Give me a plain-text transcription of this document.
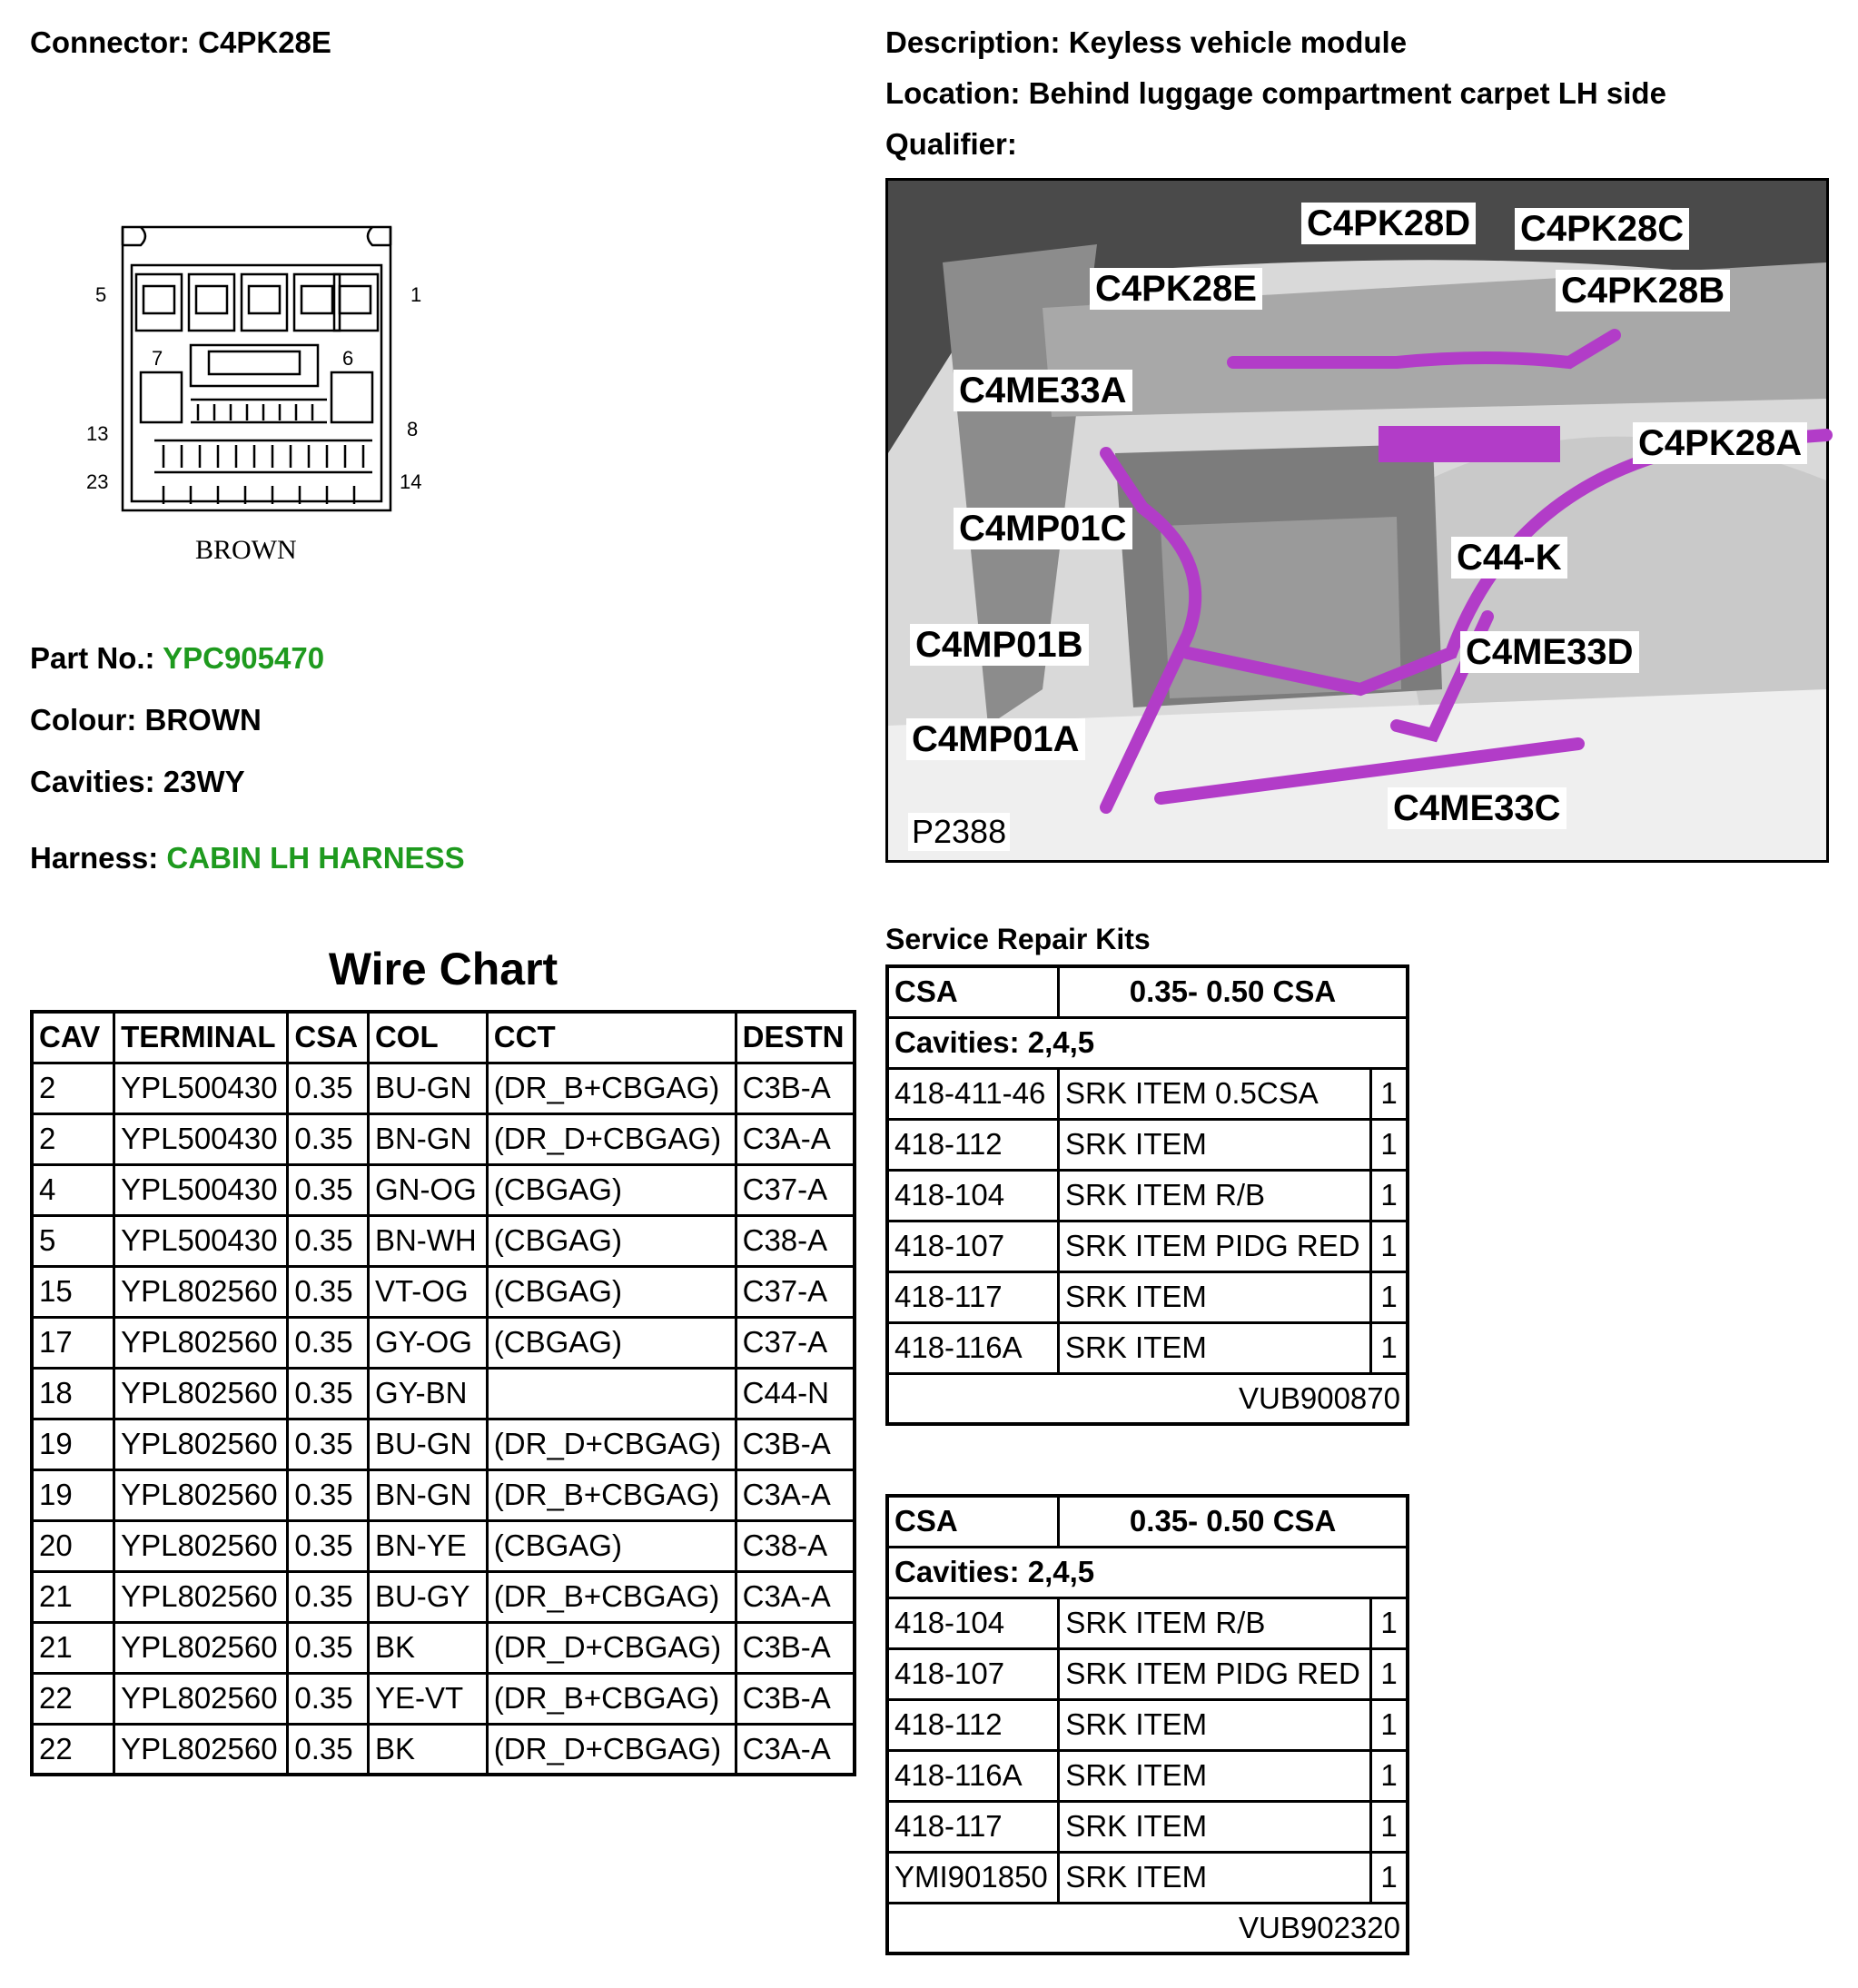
Connector: C4PK28E	Description: Keyless vehicle module
Location: Behind luggage compartment carpet LH side
Qualifier:
5	1
7	6
13	8
23	14
BROWN
Part No.: YPC905470
Colour: BROWN
Cavities: 23WY
Harness: CABIN LH HARNESS
C4PK28D C4PK28C
C4PK28E	C4PK28B
C4ME33A
C4PK28A
C4MP01C
C44-K
C4MP01B	C4ME33D
C4MP01A
C4ME33C
P2388
Wire Chart
CAV	TERMINAL	CSA	COL	CCT	DESTN
2	YPL500430	0.35	BU-GN	(DR_B+CBGAG)	C3B-A
2	YPL500430	0.35	BN-GN	(DR_D+CBGAG)	C3A-A
4	YPL500430	0.35	GN-OG	(CBGAG)	C37-A
5	YPL500430	0.35	BN-WH	(CBGAG)	C38-A
15	YPL802560	0.35	VT-OG	(CBGAG)	C37-A
17	YPL802560	0.35	GY-OG	(CBGAG)	C37-A
18	YPL802560	0.35	GY-BN		C44-N
19	YPL802560	0.35	BU-GN	(DR_D+CBGAG)	C3B-A
19	YPL802560	0.35	BN-GN	(DR_B+CBGAG)	C3A-A
20	YPL802560	0.35	BN-YE	(CBGAG)	C38-A
21	YPL802560	0.35	BU-GY	(DR_B+CBGAG)	C3A-A
21	YPL802560	0.35	BK	(DR_D+CBGAG)	C3B-A
22	YPL802560	0.35	YE-VT	(DR_B+CBGAG)	C3B-A
22	YPL802560	0.35	BK	(DR_D+CBGAG)	C3A-A
Service Repair Kits
CSA	0.35- 0.50 CSA	
Cavities: 2,4,5		
418-411-46	SRK ITEM 0.5CSA	1
418-112	SRK ITEM	1
418-104	SRK ITEM R/B	1
418-107	SRK ITEM PIDG RED	1
418-117	SRK ITEM	1
418-116A	SRK ITEM	1
VUB900870		
CSA	0.35- 0.50 CSA	
Cavities: 2,4,5		
418-104	SRK ITEM R/B	1
418-107	SRK ITEM PIDG RED	1
418-112	SRK ITEM	1
418-116A	SRK ITEM	1
418-117	SRK ITEM	1
YMI901850	SRK ITEM	1
VUB902320		
